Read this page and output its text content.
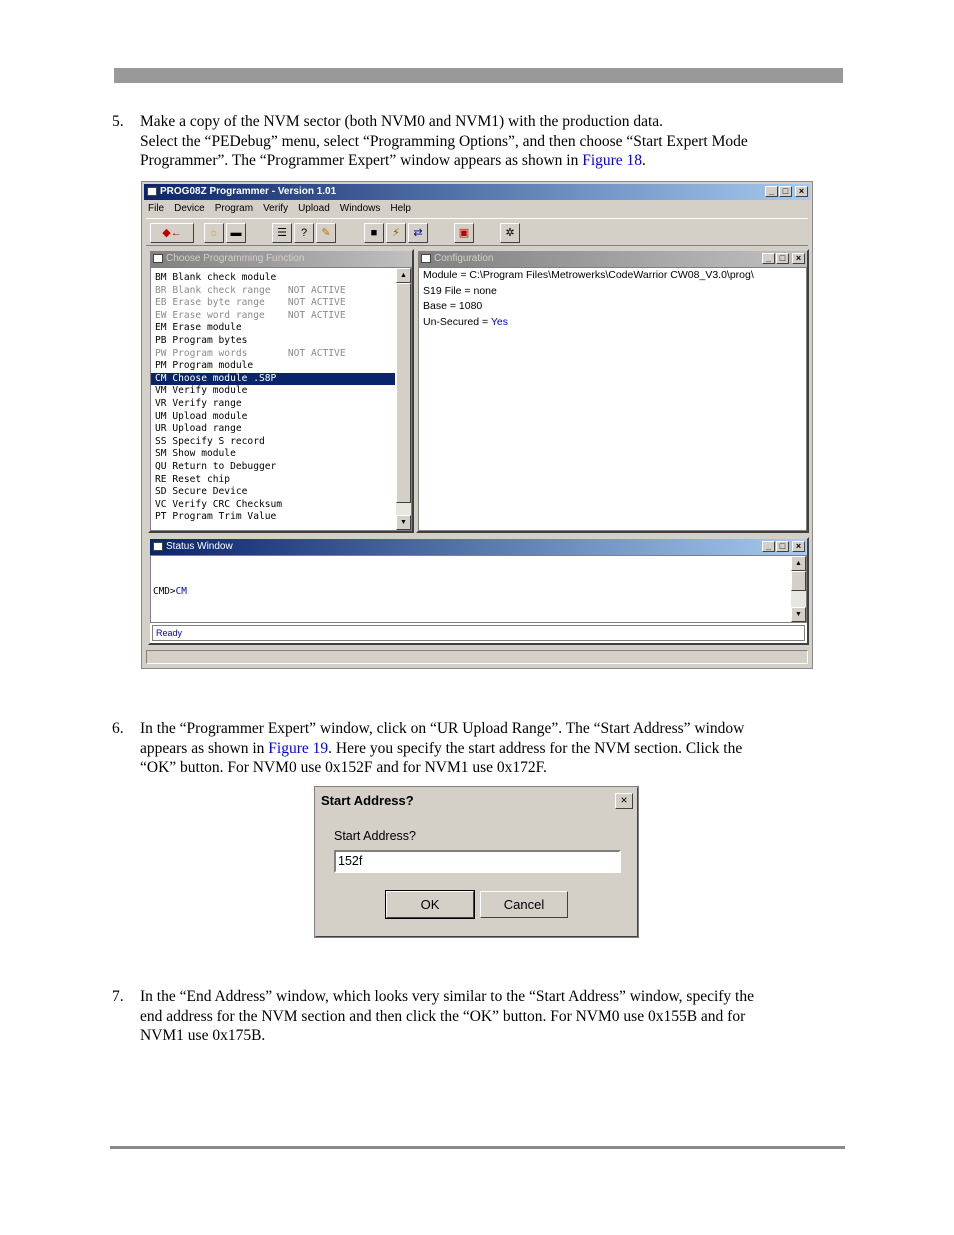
5.	Make a copy of the NVM sector (both NVM0 and NVM1) with the production data.
Select the “PEDebug” menu, select “Programming Options”, and then choose “Start Expert Mode
Programmer”. The “Programmer Expert” window appears as shown in Figure 18.
PROG08Z Programmer - Version 1.01	_ □	×
File Device Program Verify Upload Windows Help
◆←	☼	▬	☰	?	✎	■	⚡	⇄	▣	✲
Choose Programming Function
BM Blank check module
BR Blank check range   NOT ACTIVE
EB Erase byte range    NOT ACTIVE
EW Erase word range    NOT ACTIVE
EM Erase module
PB Program bytes
PW Program words       NOT ACTIVE
PM Program module
CM Choose module .S8P
VM Verify module
VR Verify range
UM Upload module
UR Upload range
SS Specify S record
SM Show module
QU Return to Debugger
RE Reset chip
SD Secure Device
VC Verify CRC Checksum
PT Program Trim Value
▲
▼
Configuration	_ □	×
Module = C:\Program Files\Metrowerks\CodeWarrior CW08_V3.0\prog\
S19 File = none
Base = 1080
Un-Secured = Yes
Status Window	_ □	×

CMD>CM

▲
▼
Ready
6.	In the “Programmer Expert” window, click on “UR Upload Range”. The “Start Address” window
appears as shown in Figure 19. Here you specify the start address for the NVM section. Click the
“OK” button. For NVM0 use 0x152F and for NVM1 use 0x172F.
Start Address?	×
Start Address?
152f
OK	Cancel
7.	In the “End Address” window, which looks very similar to the “Start Address” window, specify the
end address for the NVM section and then click the “OK” button. For NVM0 use 0x155B and for
NVM1 use 0x175B.
